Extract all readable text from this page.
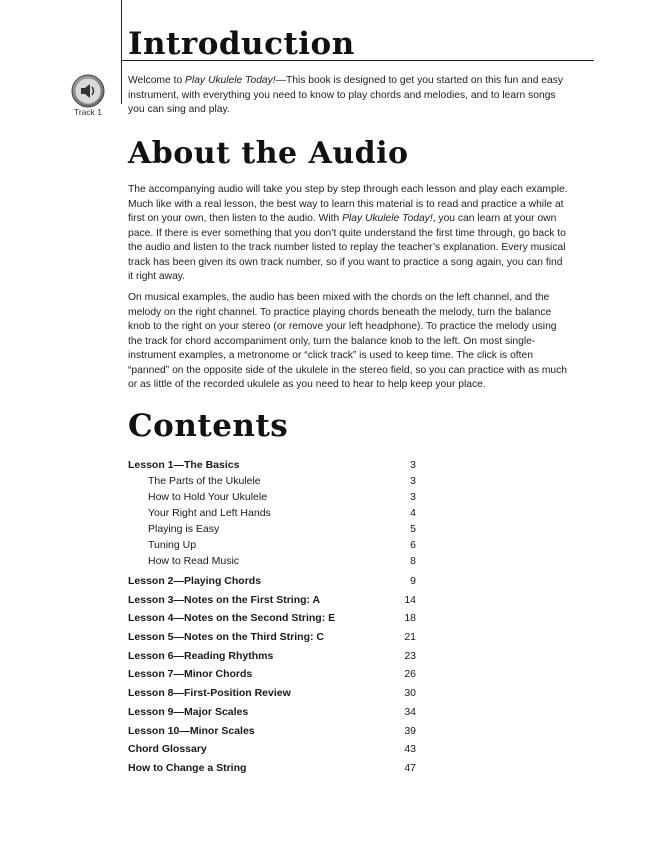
Introduction
Track 1

Welcome to Play Ukulele Today!—This book is designed to get you started on this fun and easy instrument, with everything you need to know to play chords and melodies, and to learn songs you can sing and play.

About the Audio

The accompanying audio will take you step by step through each lesson and play each example. Much like with a real lesson, the best way to learn this material is to read and practice a while at first on your own, then listen to the audio. With Play Ukulele Today!, you can learn at your own pace. If there is ever something that you don’t quite understand the first time through, go back to the audio and listen to the track number listed to replay the teacher’s explanation. Every musical track has been given its own track number, so if you want to practice a song again, you can find it right away.

On musical examples, the audio has been mixed with the chords on the left channel, and the melody on the right channel. To practice playing chords beneath the melody, turn the balance knob to the right on your stereo (or remove your left headphone). To practice the melody using the track for chord accompaniment only, turn the balance knob to the left. On most single-instrument examples, a metronome or “click track” is used to keep time. The click is often “panned” on the opposite side of the ukulele in the stereo field, so you can practice with as much or as little of the recorded ukulele as you need to hear to help keep your place.

Contents
Lesson 1—The Basics	3
The Parts of the Ukulele	3
How to Hold Your Ukulele	3
Your Right and Left Hands	4
Playing is Easy	5
Tuning Up	6
How to Read Music	8
Lesson 2—Playing Chords	9
Lesson 3—Notes on the First String: A	14
Lesson 4—Notes on the Second String: E	18
Lesson 5—Notes on the Third String: C	21
Lesson 6—Reading Rhythms	23
Lesson 7—Minor Chords	26
Lesson 8—First-Position Review	30
Lesson 9—Major Scales	34
Lesson 10—Minor Scales	39
Chord Glossary	43
How to Change a String	47
